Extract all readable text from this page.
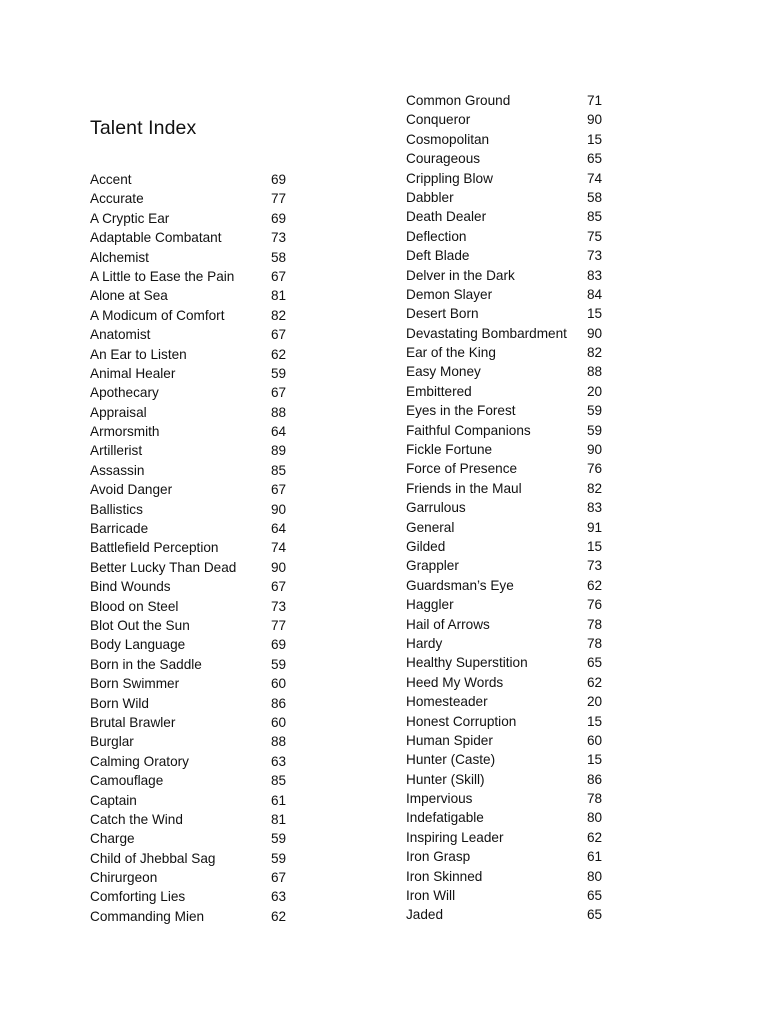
Talent Index
Accent	69
Accurate	77
A Cryptic Ear	69
Adaptable Combatant	73
Alchemist	58
A Little to Ease the Pain	67
Alone at Sea	81
A Modicum of Comfort	82
Anatomist	67
An Ear to Listen	62
Animal Healer	59
Apothecary	67
Appraisal	88
Armorsmith	64
Artillerist	89
Assassin	85
Avoid Danger	67
Ballistics	90
Barricade	64
Battlefield Perception	74
Better Lucky Than Dead	90
Bind Wounds	67
Blood on Steel	73
Blot Out the Sun	77
Body Language	69
Born in the Saddle	59
Born Swimmer	60
Born Wild	86
Brutal Brawler	60
Burglar	88
Calming Oratory	63
Camouflage	85
Captain	61
Catch the Wind	81
Charge	59
Child of Jhebbal Sag	59
Chirurgeon	67
Comforting Lies	63
Commanding Mien	62
Common Ground	71
Conqueror	90
Cosmopolitan	15
Courageous	65
Crippling Blow	74
Dabbler	58
Death Dealer	85
Deflection	75
Deft Blade	73
Delver in the Dark	83
Demon Slayer	84
Desert Born	15
Devastating Bombardment 90
Ear of the King	82
Easy Money	88
Embittered	20
Eyes in the Forest	59
Faithful Companions	59
Fickle Fortune	90
Force of Presence	76
Friends in the Maul	82
Garrulous	83
General	91
Gilded	15
Grappler	73
Guardsman’s Eye	62
Haggler	76
Hail of Arrows	78
Hardy	78
Healthy Superstition	65
Heed My Words	62
Homesteader	20
Honest Corruption	15
Human Spider	60
Hunter (Caste)	15
Hunter (Skill)	86
Impervious	78
Indefatigable	80
Inspiring Leader	62
Iron Grasp	61
Iron Skinned	80
Iron Will	65
Jaded	65
